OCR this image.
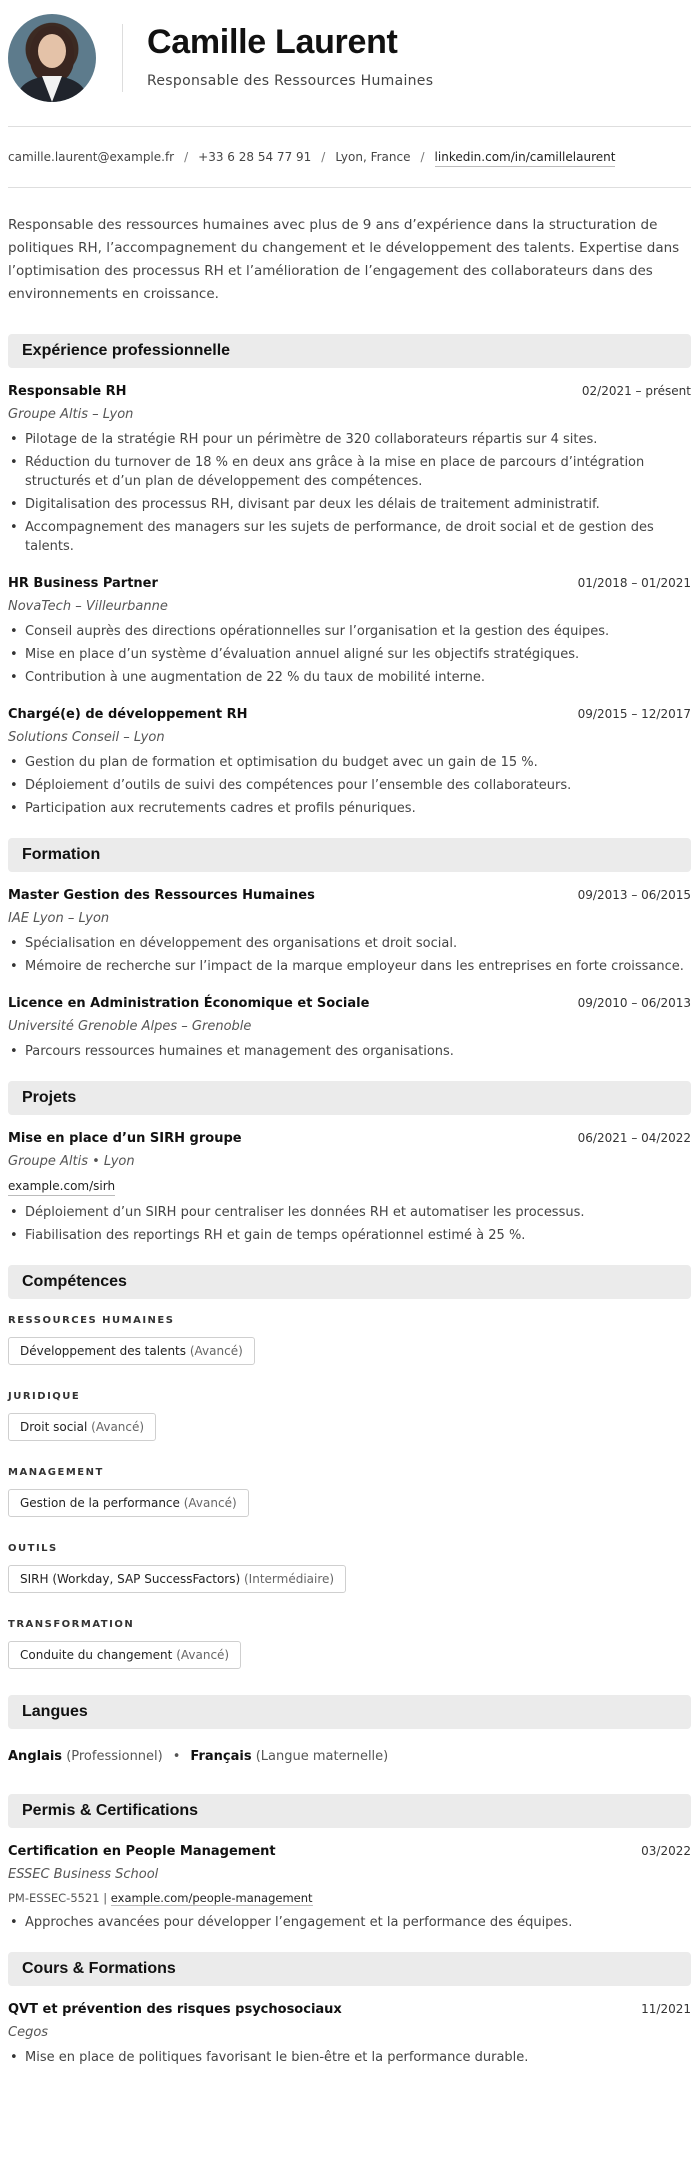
Camille Laurent
Responsable des Ressources Humaines
camille.laurent@example.fr / +33 6 28 54 77 91 / Lyon, France / linkedin.com/in/camillelaurent
Responsable des ressources humaines avec plus de 9 ans d’expérience dans la structuration de politiques RH, l’accompagnement du changement et le développement des talents. Expertise dans l’optimisation des processus RH et l’amélioration de l’engagement des collaborateurs dans des environnements en croissance.
Expérience professionnelle
Responsable RH	02/2021 – présent
Groupe Altis – Lyon
• Pilotage de la stratégie RH pour un périmètre de 320 collaborateurs répartis sur 4 sites.
• Réduction du turnover de 18 % en deux ans grâce à la mise en place de parcours d’intégration structurés et d’un plan de développement des compétences.
• Digitalisation des processus RH, divisant par deux les délais de traitement administratif.
• Accompagnement des managers sur les sujets de performance, de droit social et de gestion des talents.
HR Business Partner	01/2018 – 01/2021
NovaTech – Villeurbanne
• Conseil auprès des directions opérationnelles sur l’organisation et la gestion des équipes.
• Mise en place d’un système d’évaluation annuel aligné sur les objectifs stratégiques.
• Contribution à une augmentation de 22 % du taux de mobilité interne.
Chargé(e) de développement RH	09/2015 – 12/2017
Solutions Conseil – Lyon
• Gestion du plan de formation et optimisation du budget avec un gain de 15 %.
• Déploiement d’outils de suivi des compétences pour l’ensemble des collaborateurs.
• Participation aux recrutements cadres et profils pénuriques.
Formation
Master Gestion des Ressources Humaines	09/2013 – 06/2015
IAE Lyon – Lyon
• Spécialisation en développement des organisations et droit social.
• Mémoire de recherche sur l’impact de la marque employeur dans les entreprises en forte croissance.
Licence en Administration Économique et Sociale	09/2010 – 06/2013
Université Grenoble Alpes – Grenoble
• Parcours ressources humaines et management des organisations.
Projets
Mise en place d’un SIRH groupe	06/2021 – 04/2022
Groupe Altis • Lyon
example.com/sirh
• Déploiement d’un SIRH pour centraliser les données RH et automatiser les processus.
• Fiabilisation des reportings RH et gain de temps opérationnel estimé à 25 %.
Compétences
RESSOURCES HUMAINES
Développement des talents (Avancé)
JURIDIQUE
Droit social (Avancé)
MANAGEMENT
Gestion de la performance (Avancé)
OUTILS
SIRH (Workday, SAP SuccessFactors) (Intermédiaire)
TRANSFORMATION
Conduite du changement (Avancé)
Langues
Anglais (Professionnel) • Français (Langue maternelle)
Permis & Certifications
Certification en People Management	03/2022
ESSEC Business School
PM-ESSEC-5521 | example.com/people-management
• Approches avancées pour développer l’engagement et la performance des équipes.
Cours & Formations
QVT et prévention des risques psychosociaux	11/2021
Cegos
• Mise en place de politiques favorisant le bien-être et la performance durable.
